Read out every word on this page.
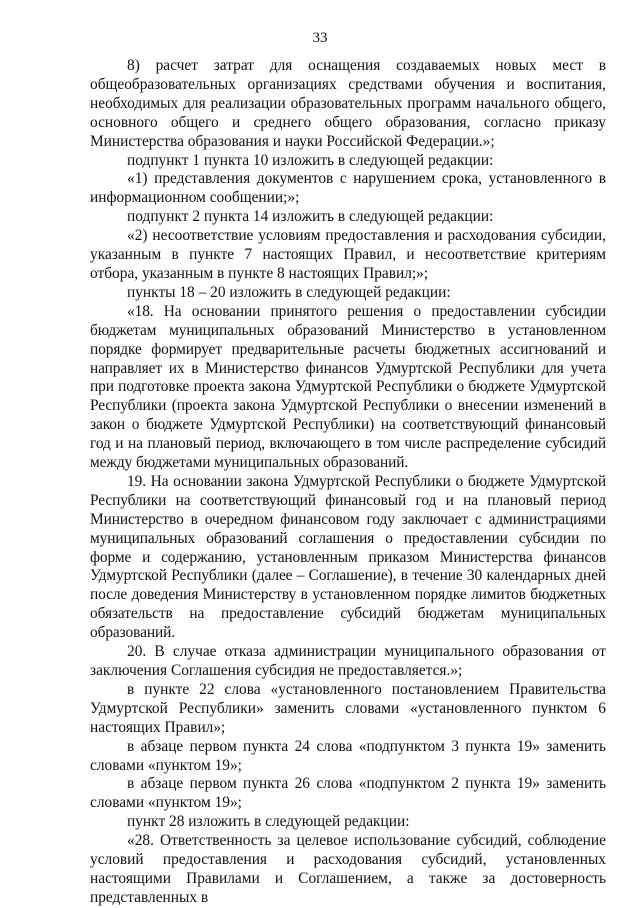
33

8) расчет затрат для оснащения создаваемых новых мест в общеобразовательных организациях средствами обучения и воспитания, необходимых для реализации образовательных программ начального общего, основного общего и среднего общего образования, согласно приказу Министерства образования и науки Российской Федерации.»;

подпункт 1 пункта 10 изложить в следующей редакции:

«1) представления документов с нарушением срока, установленного в информационном сообщении;»;

подпункт 2 пункта 14 изложить в следующей редакции:

«2) несоответствие условиям предоставления и расходования субсидии, указанным в пункте 7 настоящих Правил, и несоответствие критериям отбора, указанным в пункте 8 настоящих Правил;»;

пункты 18 – 20 изложить в следующей редакции:

«18. На основании принятого решения о предоставлении субсидии бюджетам муниципальных образований Министерство в установленном порядке формирует предварительные расчеты бюджетных ассигнований и направляет их в Министерство финансов Удмуртской Республики для учета при подготовке проекта закона Удмуртской Республики о бюджете Удмуртской Республики (проекта закона Удмуртской Республики о внесении изменений в закон о бюджете Удмуртской Республики) на соответствующий финансовый год и на плановый период, включающего в том числе распределение субсидий между бюджетами муниципальных образований.

19. На основании закона Удмуртской Республики о бюджете Удмуртской Республики на соответствующий финансовый год и на плановый период Министерство в очередном финансовом году заключает с администрациями муниципальных образований соглашения о предоставлении субсидии по форме и содержанию, установленным приказом Министерства финансов Удмуртской Республики (далее – Соглашение), в течение 30 календарных дней после доведения Министерству в установленном порядке лимитов бюджетных обязательств на предоставление субсидий бюджетам муниципальных образований.

20. В случае отказа администрации муниципального образования от заключения Соглашения субсидия не предоставляется.»;

в пункте 22 слова «установленного постановлением Правительства Удмуртской Республики» заменить словами «установленного пунктом 6 настоящих Правил»;

в абзаце первом пункта 24 слова «подпунктом 3 пункта 19» заменить словами «пунктом 19»;

в абзаце первом пункта 26 слова «подпунктом 2 пункта 19» заменить словами «пунктом 19»;

пункт 28 изложить в следующей редакции:

«28. Ответственность за целевое использование субсидий, соблюдение условий предоставления и расходования субсидий, установленных настоящими Правилами и Соглашением, а также за достоверность представленных в
